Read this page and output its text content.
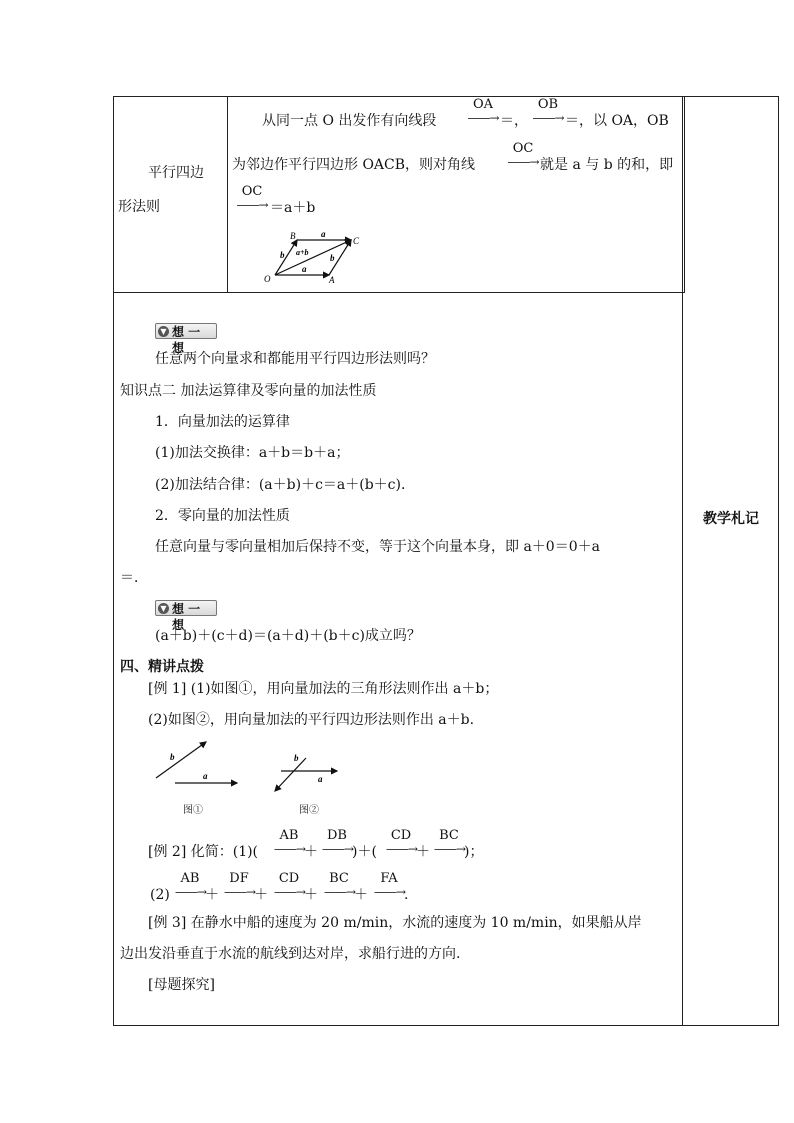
平行四边
形法则
从同一点 O 出发作有向线段
OA
——→ ＝，
OB
——→ ＝，以 OA，OB
为邻边作平行四边形 OACB，则对角线
OC
——→ 就是 a 与 b 的和，即
OC
——→ ＝a＋b
B	C
O	A
a
a
b	b
a+b
▼ 想 一 想
任意两个向量求和都能用平行四边形法则吗？
知识点二 加法运算律及零向量的加法性质
1．向量加法的运算律
(1)加法交换律：a＋b＝b＋a；
(2)加法结合律：(a＋b)＋c＝a＋(b＋c)．
2．零向量的加法性质
任意向量与零向量相加后保持不变，等于这个向量本身，即 a＋0＝0＋a
＝．
▼ 想 一 想
(a＋b)＋(c＋d)＝(a＋d)＋(b＋c)成立吗？
四、精讲点拨
[例 1] (1)如图①，用向量加法的三角形法则作出 a＋b；
(2)如图②，用向量加法的平行四边形法则作出 a＋b.
b
a
b
a
图①	图②
[例 2] 化简：(1)(
AB
——→
＋
DB
——→
)＋(
CD
——→
＋
BC
——→
)；
(2)
AB
——→
＋
DF
——→
＋
CD
——→
＋
BC
——→
＋
FA
——→
.
[例 3] 在静水中船的速度为 20 m/min，水流的速度为 10 m/min，如果船从岸
边出发沿垂直于水流的航线到达对岸，求船行进的方向.
[母题探究]
教学札记
